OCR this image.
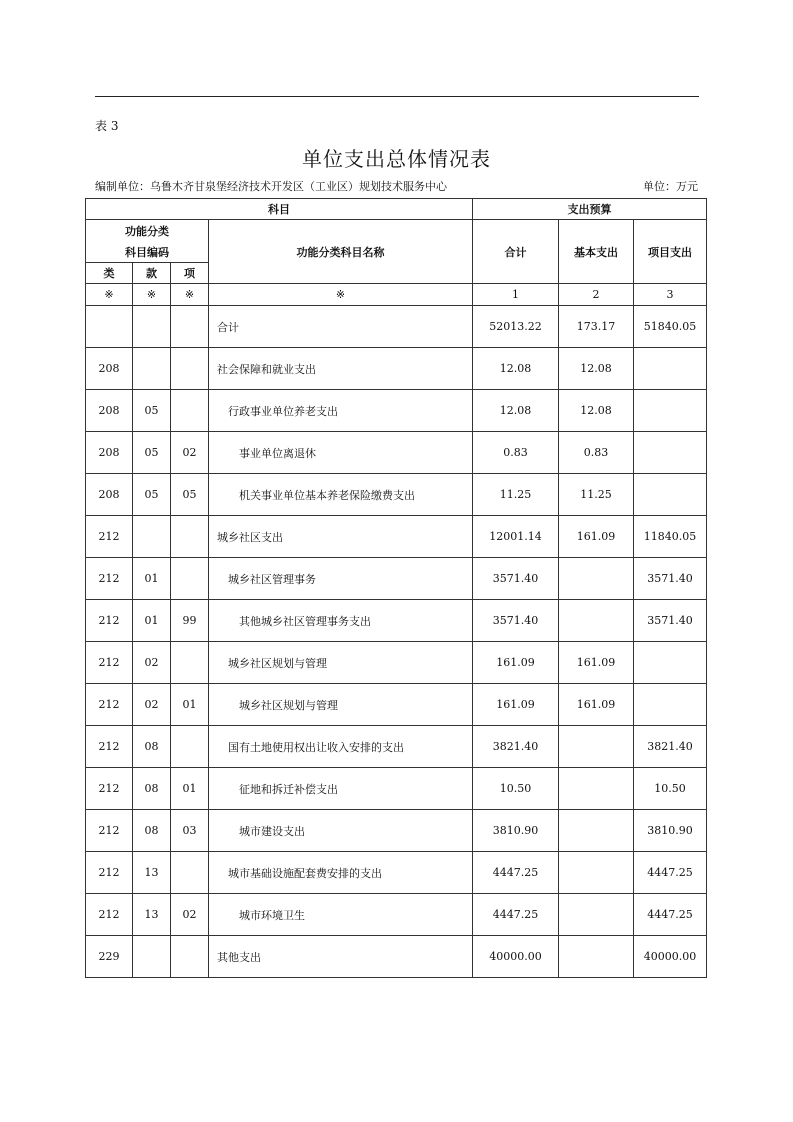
表 3
单位支出总体情况表
编制单位：乌鲁木齐甘泉堡经济技术开发区（工业区）规划技术服务中心	单位：万元
科目				支出预算		
功能分类			功能分类科目名称	合计	基本支出	项目支出
科目编码						
类	款	项				
※	※	※	※	1	2	3
			合计	52013.22	173.17	51840.05
208			社会保障和就业支出	12.08	12.08	
208	05		行政事业单位养老支出	12.08	12.08	
208	05	02	事业单位离退休	0.83	0.83	
208	05	05	机关事业单位基本养老保险缴费支出	11.25	11.25	
212			城乡社区支出	12001.14	161.09	11840.05
212	01		城乡社区管理事务	3571.40		3571.40
212	01	99	其他城乡社区管理事务支出	3571.40		3571.40
212	02		城乡社区规划与管理	161.09	161.09	
212	02	01	城乡社区规划与管理	161.09	161.09	
212	08		国有土地使用权出让收入安排的支出	3821.40		3821.40
212	08	01	征地和拆迁补偿支出	10.50		10.50
212	08	03	城市建设支出	3810.90		3810.90
212	13		城市基础设施配套费安排的支出	4447.25		4447.25
212	13	02	城市环境卫生	4447.25		4447.25
229			其他支出	40000.00		40000.00
